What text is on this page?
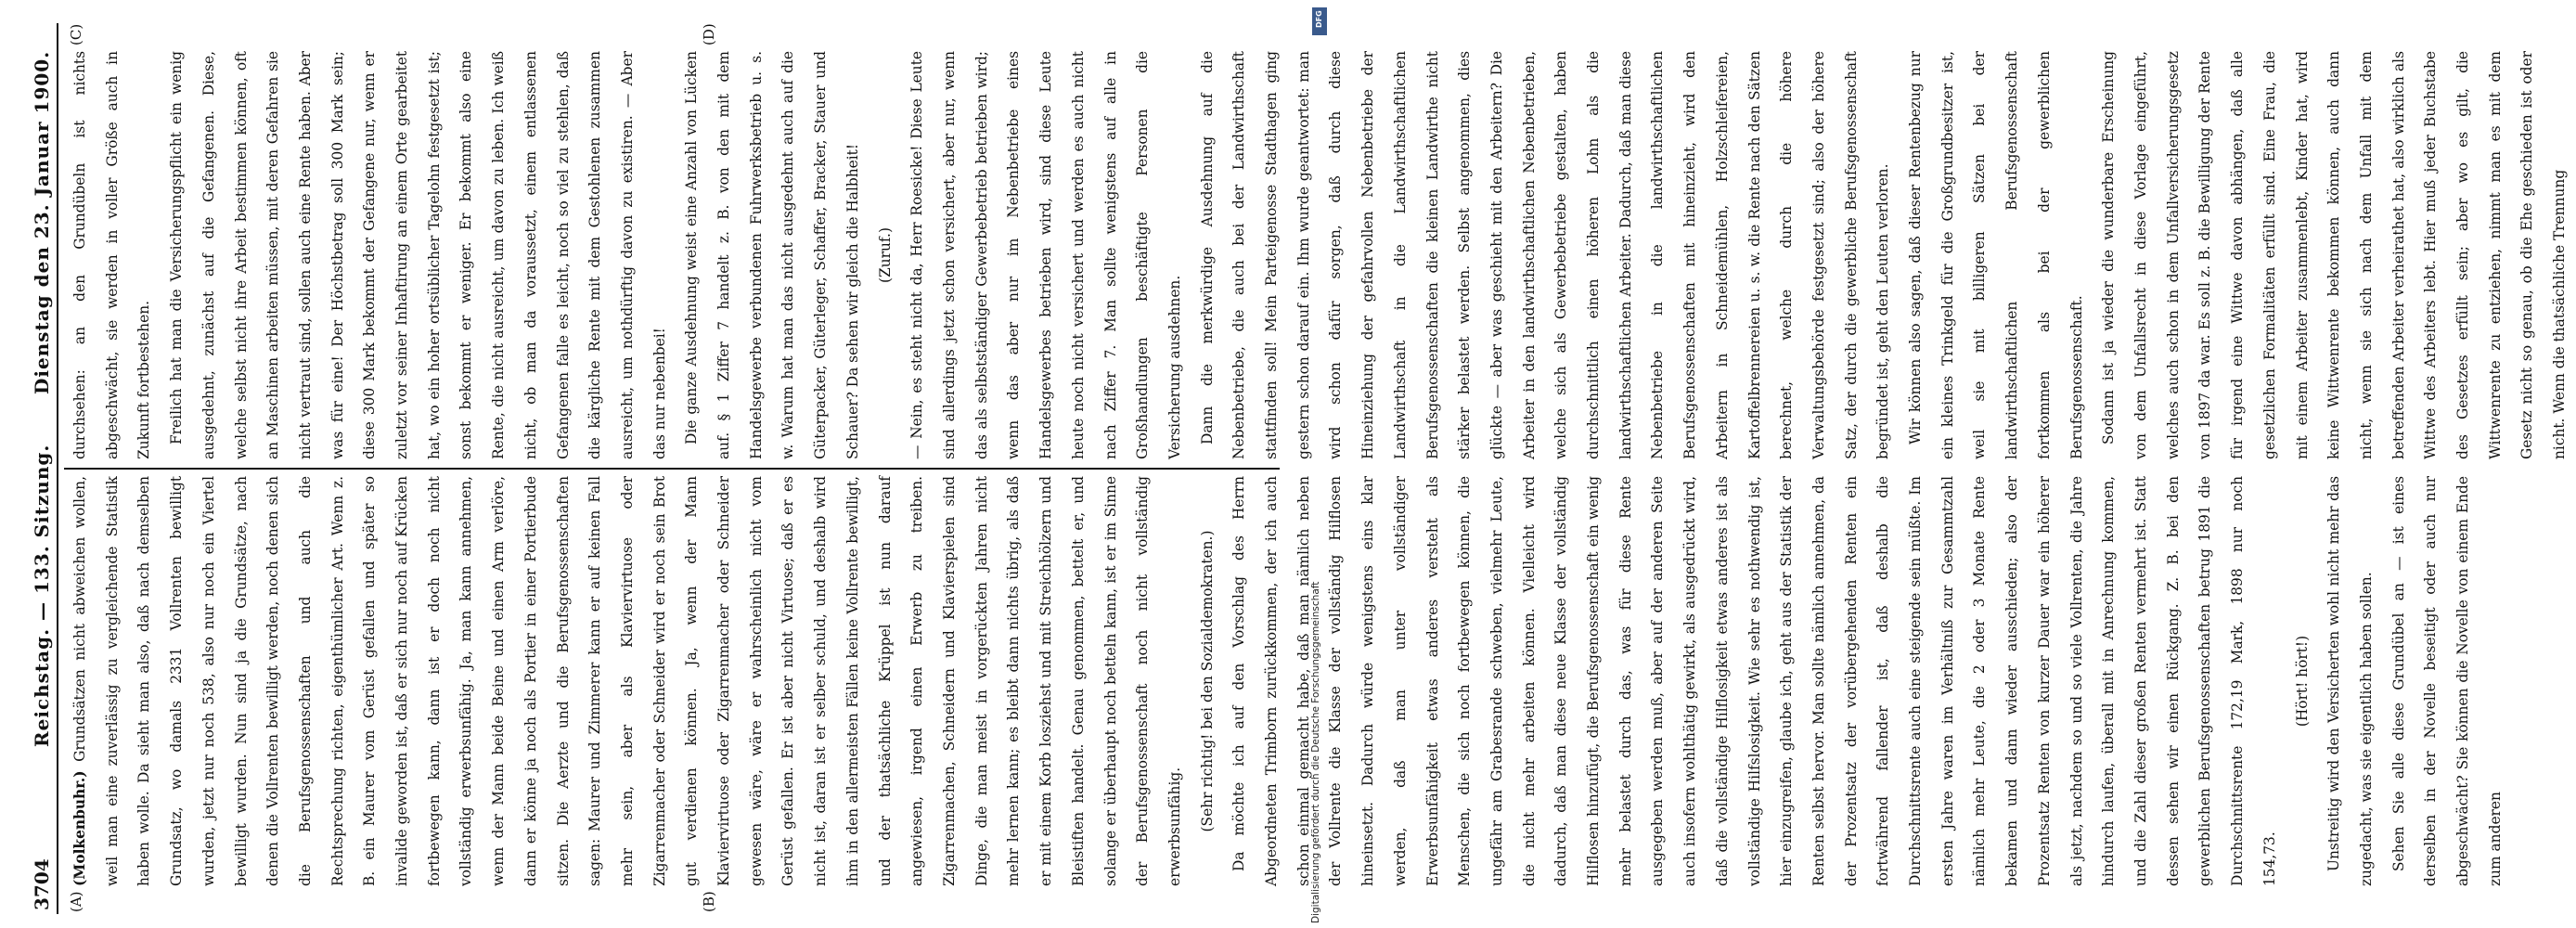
3704
Reichstag. — 133. Sitzung.
Dienstag den 23. Januar 1900.
(A)	(B)
(C)	(D)

(Molkenbuhr.) Grundsätzen nicht abweichen wollen, weil man eine zuverlässig zu vergleichende Statistik haben wolle. Da sieht man also, daß nach demselben Grundsatz, wo damals 2331 Vollrenten bewilligt wurden, jetzt nur noch 538, also nur noch ein Viertel bewilligt wurden. Nun sind ja die Grundsätze, nach denen die Vollrenten bewilligt werden, noch denen sich die Berufsgenossenschaften und auch die Rechtsprechung richten, eigenthümlicher Art. Wenn z. B. ein Maurer vom Gerüst gefallen und später so invalide geworden ist, daß er sich nur noch auf Krücken fortbewegen kann, dann ist er doch noch nicht vollständig erwerbsunfähig. Ja, man kann annehmen, wenn der Mann beide Beine und einen Arm verlöre, dann er könne ja noch als Portier in einer Portierbude sitzen. Die Aerzte und die Berufsgenossenschaften sagen: Maurer und Zimmerer kann er auf keinen Fall mehr sein, aber als Klaviervirtuose oder Zigarrenmacher oder Schneider wird er noch sein Brot gut verdienen können. Ja, wenn der Mann Klaviervirtuose oder Zigarrenmacher oder Schneider gewesen wäre, wäre er wahrscheinlich nicht vom Gerüst gefallen. Er ist aber nicht Virtuose; daß er es nicht ist, daran ist er selber schuld, und deshalb wird ihm in den allermeisten Fällen keine Vollrente bewilligt, und der thatsächliche Krüppel ist nun darauf angewiesen, irgend einen Erwerb zu treiben. Zigarrenmachen, Schneidern und Klavierspielen sind Dinge, die man meist in vorgerückten Jahren nicht mehr lernen kann; es bleibt dann nichts übrig, als daß er mit einem Korb losziehst und mit Streichhölzern und Bleistiften handelt. Genau genommen, bettelt er, und solange er überhaupt noch betteln kann, ist er im Sinne der Berufsgenossenschaft noch nicht vollständig erwerbsunfähig.	(Sehr richtig! bei den Sozialdemokraten.)	Da möchte ich auf den Vorschlag des Herrn Abgeordneten Trimborn zurückkommen, der ich auch schon einmal gemacht habe, daß man nämlich neben der Vollrente die Klasse der vollständig Hilflosen hineinsetzt. Dadurch würde wenigstens eins klar werden, daß man unter vollständiger Erwerbsunfähigkeit etwas anderes versteht als Menschen, die sich noch fortbewegen können, die ungefähr am Grabesrande schweben, vielmehr Leute, die nicht mehr arbeiten können. Vielleicht wird dadurch, daß man diese neue Klasse der vollständig Hilflosen hinzufügt, die Berufsgenossenschaft ein wenig mehr belastet durch das, was für diese Rente ausgegeben werden muß, aber auf der anderen Seite auch insofern wohlthätig gewirkt, als ausgedrückt wird, daß die vollständige Hilflosigkeit etwas anderes ist als vollständige Hilfslosigkeit. Wie sehr es nothwendig ist, hier einzugreifen, glaube ich, geht aus der Statistik der Renten selbst hervor. Man sollte nämlich annehmen, da der Prozentsatz der vorübergehenden Renten ein fortwährend fallender ist, daß deshalb die Durchschnittsrente auch eine steigende sein müßte. Im ersten Jahre waren im Verhältniß zur Gesammtzahl nämlich mehr Leute, die 2 oder 3 Monate Rente bekamen und dann wieder ausschieden; also der Prozentsatz Renten von kurzer Dauer war ein höherer als jetzt, nachdem so und so viele Vollrenten, die Jahre hindurch laufen, überall mit in Anrechnung kommen, und die Zahl dieser großen Renten vermehrt ist. Statt dessen sehen wir einen Rückgang. Z. B. bei den gewerblichen Berufsgenossenschaften betrug 1891 die Durchschnittsrente 172,19 Mark, 1898 nur noch 154,73.

(Hört! hört!)	Unstreitig wird den Versicherten wohl nicht mehr das zugedacht, was sie eigentlich haben sollen.	Sehen Sie alle diese Grundübel an — ist eines derselben in der Novelle beseitigt oder auch nur abgeschwächt? Sie können die Novelle von einem Ende zum anderen

durchsehen: an den Grundübeln ist nichts abgeschwächt, sie werden in voller Größe auch in Zukunft fortbestehen.	Freilich hat man die Versicherungspflicht ein wenig ausgedehnt, zunächst auf die Gefangenen. Diese, welche selbst nicht ihre Arbeit bestimmen können, oft an Maschinen arbeiten müssen, mit deren Gefahren sie nicht vertraut sind, sollen auch eine Rente haben. Aber was für eine! Der Höchstbetrag soll 300 Mark sein; diese 300 Mark bekommt der Gefangene nur, wenn er zuletzt vor seiner Inhaftirung an einem Orte gearbeitet hat, wo ein hoher ortsüblicher Tagelohn festgesetzt ist; sonst bekommt er weniger. Er bekommt also eine Rente, die nicht ausreicht, um davon zu leben. Ich weiß nicht, ob man da voraussetzt, einem entlassenen Gefangenen falle es leicht, noch so viel zu stehlen, daß die kärgliche Rente mit dem Gestohlenen zusammen ausreicht, um nothdürftig davon zu existiren. — Aber das nur nebenbei!	Die ganze Ausdehnung weist eine Anzahl von Lücken auf. § 1 Ziffer 7 handelt z. B. von den mit dem Handelsgewerbe verbundenen Fuhrwerksbetrieb u. s. w. Warum hat man das nicht ausgedehnt auch auf die Güterpacker, Güterleger, Schaffer, Bracker, Stauer und Schauer? Da sehen wir gleich die Halbheit!	(Zuruf.)	— Nein, es steht nicht da, Herr Roesicke! Diese Leute sind allerdings jetzt schon versichert, aber nur, wenn das als selbstständiger Gewerbebetrieb betrieben wird; wenn das aber nur im Nebenbetriebe eines Handelsgewerbes betrieben wird, sind diese Leute heute noch nicht versichert und werden es auch nicht nach Ziffer 7. Man sollte wenigstens auf alle in Großhandlungen beschäftigte Personen die Versicherung ausdehnen.	Dann die merkwürdige Ausdehnung auf die Nebenbetriebe, die auch bei der Landwirthschaft stattfinden soll! Mein Parteigenosse Stadthagen ging gestern schon darauf ein. Ihm wurde geantwortet: man wird schon dafür sorgen, daß durch diese Hineinziehung der gefahrvollen Nebenbetriebe der Landwirthschaft in die Landwirthschaftlichen Berufsgenossenschaften die kleinen Landwirthe nicht stärker belastet werden. Selbst angenommen, dies glückte — aber was geschieht mit den Arbeitern? Die Arbeiter in den landwirthschaftlichen Nebenbetrieben, welche sich als Gewerbebetriebe gestalten, haben durchschnittlich einen höheren Lohn als die landwirthschaftlichen Arbeiter. Dadurch, daß man diese Nebenbetriebe in die landwirthschaftlichen Berufsgenossenschaften mit hineinzieht, wird den Arbeitern in Schneidemühlen, Holzschleifereien, Kartoffelbrennereien u. s. w. die Rente nach den Sätzen berechnet, welche durch die höhere Verwaltungsbehörde festgesetzt sind; also der höhere Satz, der durch die gewerbliche Berufsgenossenschaft begründet ist, geht den Leuten verloren.	Wir können also sagen, daß dieser Rentenbezug nur ein kleines Trinkgeld für die Großgrundbesitzer ist, weil sie mit billigeren Sätzen bei der landwirthschaftlichen Berufsgenossenschaft fortkommen als bei der gewerblichen Berufsgenossenschaft.	Sodann ist ja wieder die wunderbare Erscheinung von dem Unfallsrecht in diese Vorlage eingeführt, welches auch schon in dem Unfallversicherungsgesetz von 1897 da war. Es soll z. B. die Bewilligung der Rente für irgend eine Wittwe davon abhängen, daß alle gesetzlichen Formalitäten erfüllt sind. Eine Frau, die mit einem Arbeiter zusammenlebt, Kinder hat, wird keine Wittwenrente bekommen können, auch dann nicht, wenn sie sich nach dem Unfall mit dem betreffenden Arbeiter verheirathet hat, also wirklich als Wittwe des Arbeiters lebt. Hier muß jeder Buchstabe des Gesetzes erfüllt sein; aber wo es gilt, die Wittwenrente zu entziehen, nimmt man es mit dem Gesetz nicht so genau, ob die Ehe geschieden ist oder nicht. Wenn die thatsächliche Trennung

Digitalisierung gefördert durch die Deutsche Forschungsgemeinschaft
DFG
